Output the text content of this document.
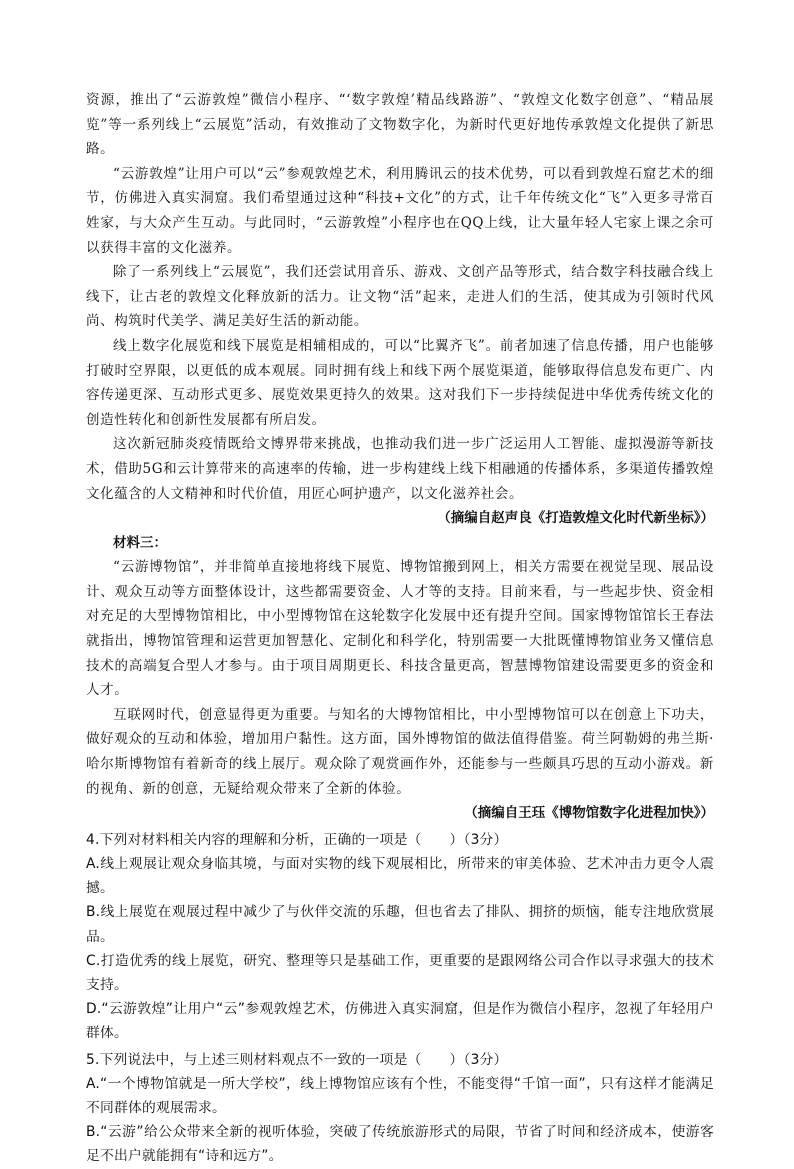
资源，推出了“云游敦煌”微信小程序、“‘数字敦煌’精品线路游”、“敦煌文化数字创意”、“精品展览”等一系列线上“云展览”活动，有效推动了文物数字化，为新时代更好地传承敦煌文化提供了新思路。

“云游敦煌”让用户可以“云”参观敦煌艺术，利用腾讯云的技术优势，可以看到敦煌石窟艺术的细节，仿佛进入真实洞窟。我们希望通过这种“科技+文化”的方式，让千年传统文化“飞”入更多寻常百姓家，与大众产生互动。与此同时，“云游敦煌”小程序也在QQ上线，让大量年轻人宅家上课之余可以获得丰富的文化滋养。

除了一系列线上“云展览”，我们还尝试用音乐、游戏、文创产品等形式，结合数字科技融合线上线下，让古老的敦煌文化释放新的活力。让文物“活”起来，走进人们的生活，使其成为引领时代风尚、构筑时代美学、满足美好生活的新动能。

线上数字化展览和线下展览是相辅相成的，可以“比翼齐飞”。前者加速了信息传播，用户也能够打破时空界限，以更低的成本观展。同时拥有线上和线下两个展览渠道，能够取得信息发布更广、内容传递更深、互动形式更多、展览效果更持久的效果。这对我们下一步持续促进中华优秀传统文化的创造性转化和创新性发展都有所启发。

这次新冠肺炎疫情既给文博界带来挑战，也推动我们进一步广泛运用人工智能、虚拟漫游等新技术，借助5G和云计算带来的高速率的传输，进一步构建线上线下相融通的传播体系，多渠道传播敦煌文化蕴含的人文精神和时代价值，用匠心呵护遗产，以文化滋养社会。

（摘编自赵声良《打造敦煌文化时代新坐标》）

材料三：

“云游博物馆”，并非简单直接地将线下展览、博物馆搬到网上，相关方需要在视觉呈现、展品设计、观众互动等方面整体设计，这些都需要资金、人才等的支持。目前来看，与一些起步快、资金相对充足的大型博物馆相比，中小型博物馆在这轮数字化发展中还有提升空间。国家博物馆馆长王春法就指出，博物馆管理和运营更加智慧化、定制化和科学化，特别需要一大批既懂博物馆业务又懂信息技术的高端复合型人才参与。由于项目周期更长、科技含量更高，智慧博物馆建设需要更多的资金和人才。

互联网时代，创意显得更为重要。与知名的大博物馆相比，中小型博物馆可以在创意上下功夫，做好观众的互动和体验，增加用户黏性。这方面，国外博物馆的做法值得借鉴。荷兰阿勒姆的弗兰斯·哈尔斯博物馆有着新奇的线上展厅。观众除了观赏画作外，还能参与一些颇具巧思的互动小游戏。新的视角、新的创意，无疑给观众带来了全新的体验。

（摘编自王珏《博物馆数字化进程加快》）

4.下列对材料相关内容的理解和分析，正确的一项是（　　）（3分）

A.线上观展让观众身临其境，与面对实物的线下观展相比，所带来的审美体验、艺术冲击力更令人震撼。

B.线上展览在观展过程中减少了与伙伴交流的乐趣，但也省去了排队、拥挤的烦恼，能专注地欣赏展品。

C.打造优秀的线上展览，研究、整理等只是基础工作，更重要的是跟网络公司合作以寻求强大的技术支持。

D.“云游敦煌”让用户“云”参观敦煌艺术，仿佛进入真实洞窟，但是作为微信小程序，忽视了年轻用户群体。

5.下列说法中，与上述三则材料观点不一致的一项是（　　）（3分）

A.“一个博物馆就是一所大学校”，线上博物馆应该有个性，不能变得“千馆一面”，只有这样才能满足不同群体的观展需求。

B.“云游”给公众带来全新的视听体验，突破了传统旅游形式的局限，节省了时间和经济成本，使游客足不出户就能拥有“诗和远方”。
